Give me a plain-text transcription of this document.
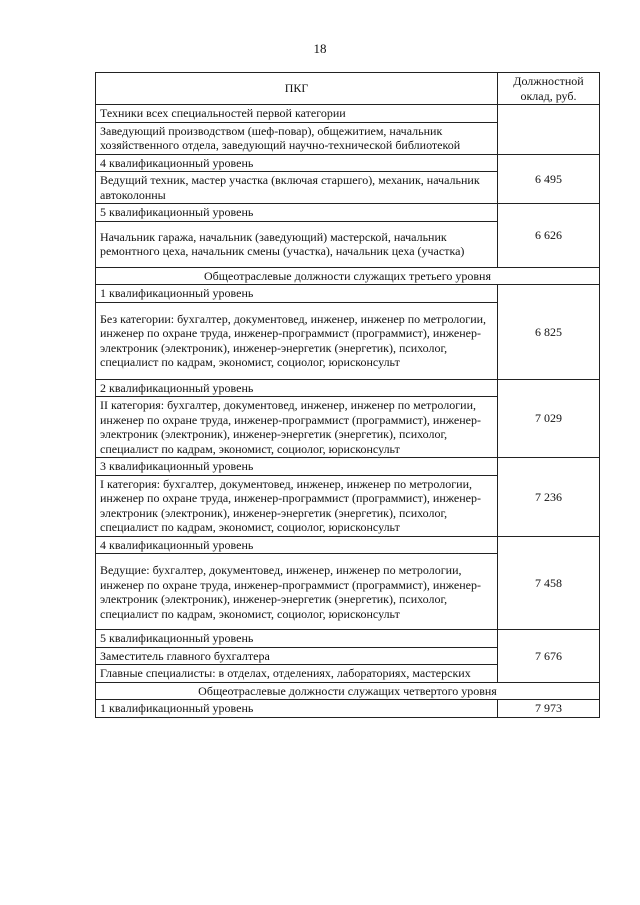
18
ПКГ	Должностной оклад, руб.
Техники всех специальностей первой категории	
Заведующий производством (шеф-повар), общежитием, начальник хозяйственного отдела, заведующий научно-технической библиотекой	
4 квалификационный уровень	6 495
Ведущий техник, мастер участка (включая старшего), механик, начальник автоколонны	
5 квалификационный уровень	6 626
Начальник гаража, начальник (заведующий) мастерской, начальник ремонтного цеха, начальник смены (участка), начальник цеха (участка)	
Общеотраслевые должности служащих третьего уровня	
1 квалификационный уровень	6 825
Без категории: бухгалтер, документовед, инженер, инженер по метрологии, инженер по охране труда, инженер-программист (программист), инженер-электроник (электроник), инженер-энергетик (энергетик), психолог, специалист по кадрам, экономист, социолог, юрисконсульт	
2 квалификационный уровень	7 029
II категория: бухгалтер, документовед, инженер, инженер по метрологии, инженер по охране труда, инженер-программист (программист), инженер-электроник (электроник), инженер-энергетик (энергетик), психолог, специалист по кадрам, экономист, социолог, юрисконсульт	
3 квалификационный уровень	7 236
I категория: бухгалтер, документовед, инженер, инженер по метрологии, инженер по охране труда, инженер-программист (программист), инженер-электроник (электроник), инженер-энергетик (энергетик), психолог, специалист по кадрам, экономист, социолог, юрисконсульт	
4 квалификационный уровень	7 458
Ведущие: бухгалтер, документовед, инженер, инженер по метрологии, инженер по охране труда, инженер-программист (программист), инженер-электроник (электроник), инженер-энергетик (энергетик), психолог, специалист по кадрам, экономист, социолог, юрисконсульт	
5 квалификационный уровень	7 676
Заместитель главного бухгалтера	
Главные специалисты: в отделах, отделениях, лабораториях, мастерских	
Общеотраслевые должности служащих четвертого уровня	
1 квалификационный уровень	7 973
